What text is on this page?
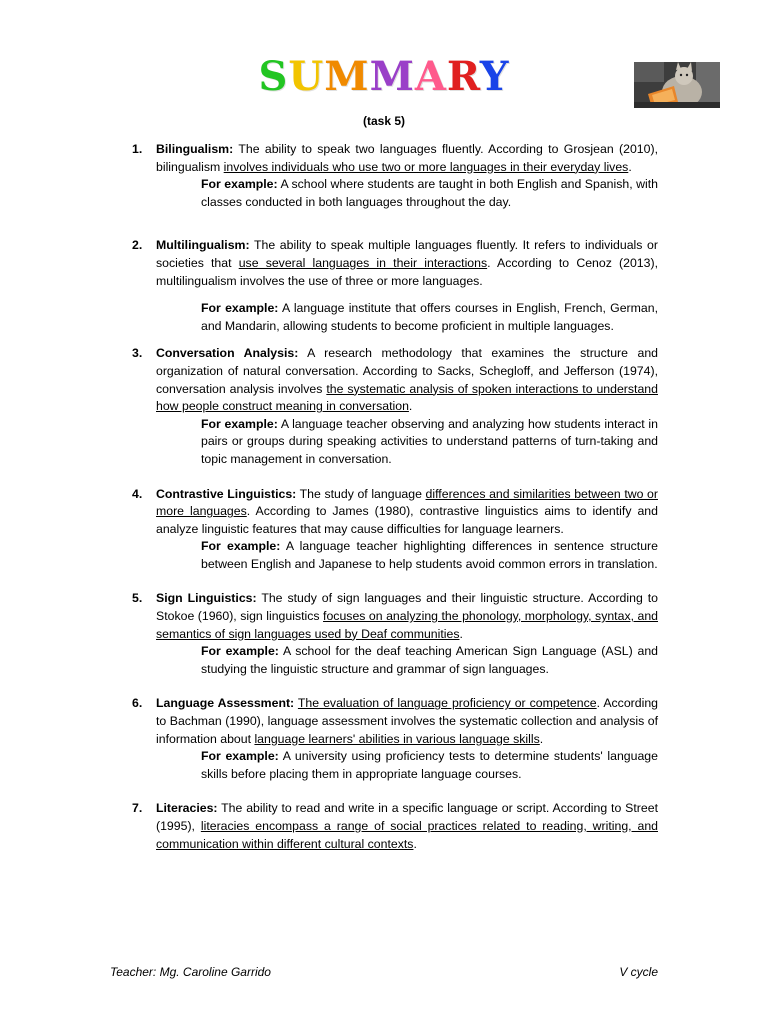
SUMMARY
(task 5)
1. Bilingualism: The ability to speak two languages fluently. According to Grosjean (2010), bilingualism involves individuals who use two or more languages in their everyday lives.
For example: A school where students are taught in both English and Spanish, with classes conducted in both languages throughout the day.
2. Multilingualism: The ability to speak multiple languages fluently. It refers to individuals or societies that use several languages in their interactions. According to Cenoz (2013), multilingualism involves the use of three or more languages.
For example: A language institute that offers courses in English, French, German, and Mandarin, allowing students to become proficient in multiple languages.
3. Conversation Analysis: A research methodology that examines the structure and organization of natural conversation. According to Sacks, Schegloff, and Jefferson (1974), conversation analysis involves the systematic analysis of spoken interactions to understand how people construct meaning in conversation.
For example: A language teacher observing and analyzing how students interact in pairs or groups during speaking activities to understand patterns of turn-taking and topic management in conversation.
4. Contrastive Linguistics: The study of language differences and similarities between two or more languages. According to James (1980), contrastive linguistics aims to identify and analyze linguistic features that may cause difficulties for language learners.
For example: A language teacher highlighting differences in sentence structure between English and Japanese to help students avoid common errors in translation.
5. Sign Linguistics: The study of sign languages and their linguistic structure. According to Stokoe (1960), sign linguistics focuses on analyzing the phonology, morphology, syntax, and semantics of sign languages used by Deaf communities.
For example: A school for the deaf teaching American Sign Language (ASL) and studying the linguistic structure and grammar of sign languages.
6. Language Assessment: The evaluation of language proficiency or competence. According to Bachman (1990), language assessment involves the systematic collection and analysis of information about language learners' abilities in various language skills.
For example: A university using proficiency tests to determine students' language skills before placing them in appropriate language courses.
7. Literacies: The ability to read and write in a specific language or script. According to Street (1995), literacies encompass a range of social practices related to reading, writing, and communication within different cultural contexts.
Teacher: Mg. Caroline Garrido	V cycle
